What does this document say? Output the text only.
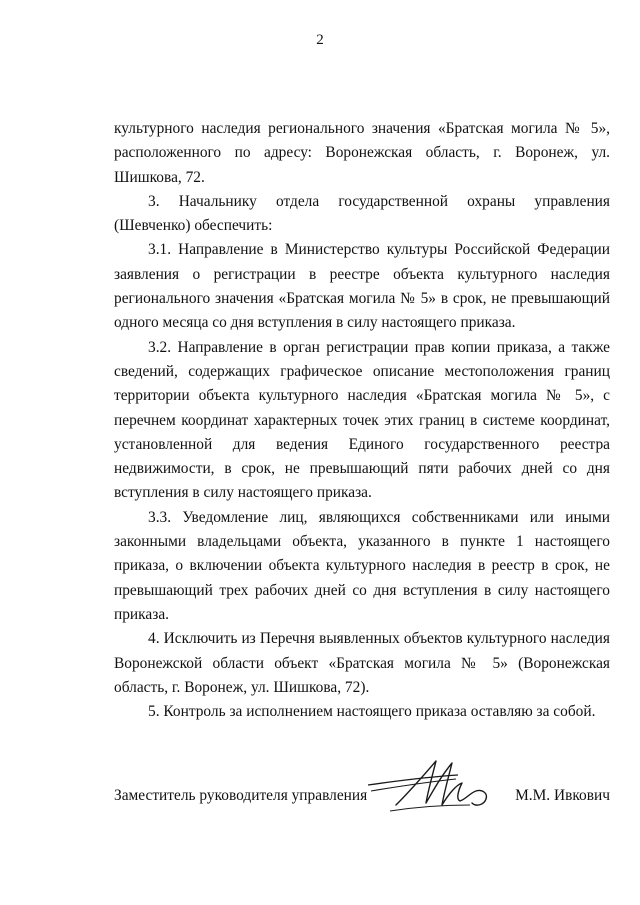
2

культурного наследия регионального значения «Братская могила № 5», расположенного по адресу: Воронежская область, г. Воронеж, ул. Шишкова, 72.

3. Начальнику отдела государственной охраны управления (Шевченко) обеспечить:

3.1. Направление в Министерство культуры Российской Федерации заявления о регистрации в реестре объекта культурного наследия регионального значения «Братская могила № 5» в срок, не превышающий одного месяца со дня вступления в силу настоящего приказа.

3.2. Направление в орган регистрации прав копии приказа, а также сведений, содержащих графическое описание местоположения границ территории объекта культурного наследия «Братская могила № 5», с перечнем координат характерных точек этих границ в системе координат, установленной для ведения Единого государственного реестра недвижимости, в срок, не превышающий пяти рабочих дней со дня вступления в силу настоящего приказа.

3.3. Уведомление лиц, являющихся собственниками или иными законными владельцами объекта, указанного в пункте 1 настоящего приказа, о включении объекта культурного наследия в реестр в срок, не превышающий трех рабочих дней со дня вступления в силу настоящего приказа.

4. Исключить из Перечня выявленных объектов культурного наследия Воронежской области объект «Братская могила № 5» (Воронежская область, г. Воронеж, ул. Шишкова, 72).

5. Контроль за исполнением настоящего приказа оставляю за собой.

Заместитель руководителя управления	М.М. Ивкович
